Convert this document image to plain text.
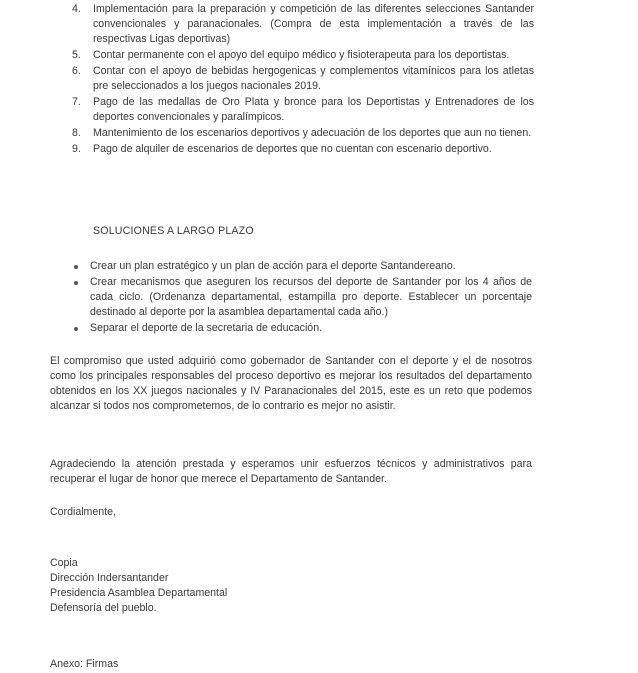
4. Implementación para la preparación y competición de las diferentes selecciones Santander convencionales y paranacionales. (Compra de esta implementación a través de las respectivas Ligas deportivas)
5. Contar permanente con el apoyo del equipo médico y fisioterapeuta para los deportistas.
6. Contar con el apoyo de bebidas hergogenicas y complementos vitamínicos para los atletas pre seleccionados a los juegos nacionales 2019.
7. Pago de las medallas de Oro Plata y bronce para los Deportistas y Entrenadores de los deportes convencionales y paralímpicos.
8. Mantenimiento de los escenarios deportivos y adecuación de los deportes que aun no tienen.
9. Pago de alquiler de escenarios de deportes que no cuentan con escenario deportivo.
SOLUCIONES A LARGO PLAZO
Crear un plan estratégico y un plan de acción para el deporte Santandereano.
Crear mecanismos que aseguren los recursos del deporte de Santander por los 4 años de cada ciclo. (Ordenanza departamental, estampilla pro deporte. Establecer un porcentaje destinado al deporte por la asamblea departamental cada año.)
Separar el deporte de la secretaria de educación.

El compromiso que usted adquirió como gobernador de Santander con el deporte y el de nosotros como los principales responsables del proceso deportivo es mejorar los resultados del departamento obtenidos en los XX juegos nacionales y IV Paranacionales del 2015, este es un reto que podemos alcanzar si todos nos comprometemos, de lo contrario es mejor no asistir.

Agradeciendo la atención prestada y esperamos unir esfuerzos técnicos y administrativos para recuperar el lugar de honor que merece el Departamento de Santander.

Cordialmente,
Copia
Dirección Indersantander
Presidencia Asamblea Departamental
Defensoría del pueblo.
Anexo: Firmas
